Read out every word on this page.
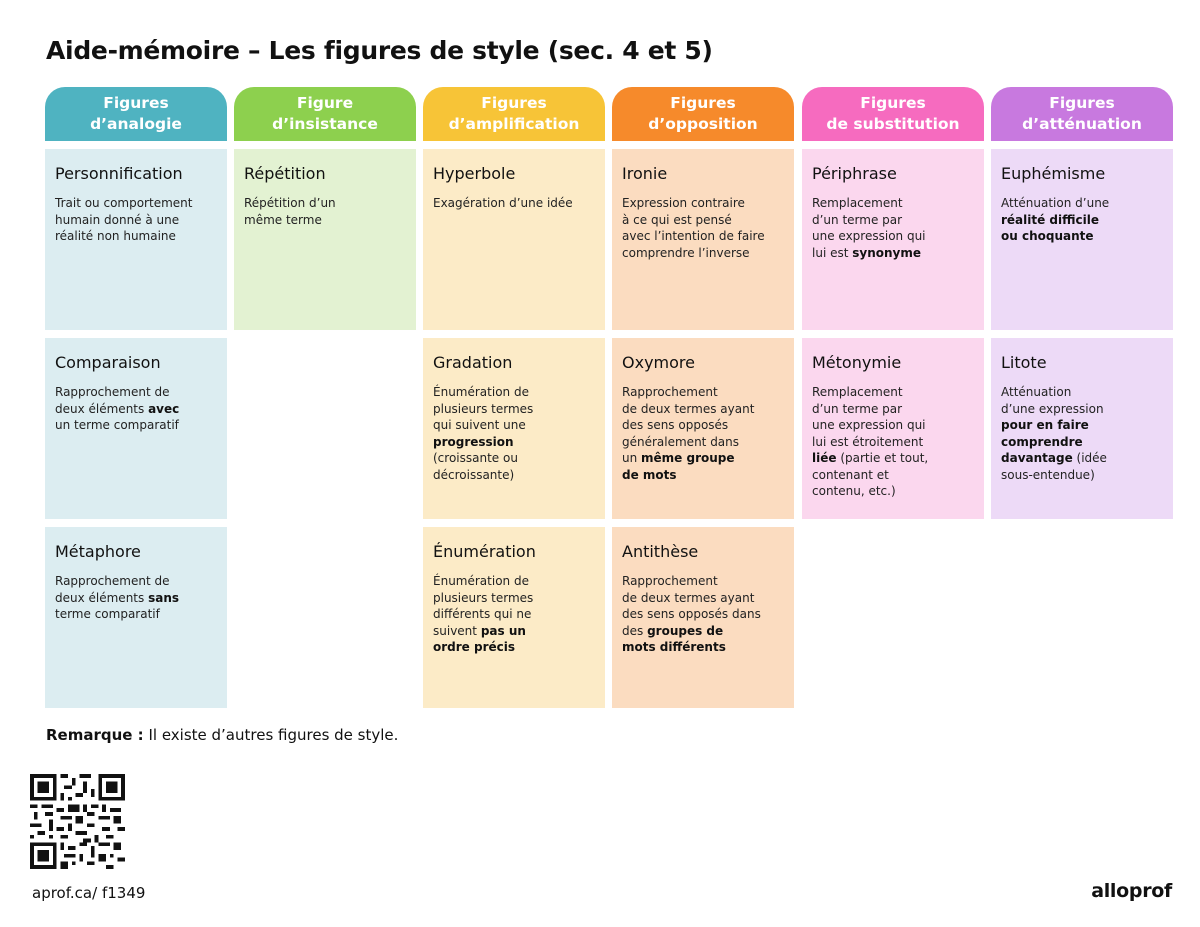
Aide-mémoire – Les figures de style (sec. 4 et 5)
Figures
d’analogie
Personnification
Trait ou comportement
humain donné à une
réalité non humaine
Comparaison
Rapprochement de
deux éléments avec
un terme comparatif
Métaphore
Rapprochement de
deux éléments sans
terme comparatif
Figure
d’insistance
Répétition
Répétition d’un
même terme
Figures
d’amplification
Hyperbole
Exagération d’une idée
Gradation
Énumération de
plusieurs termes
qui suivent une
progression
(croissante ou
décroissante)
Énumération
Énumération de
plusieurs termes
différents qui ne
suivent pas un
ordre précis
Figures
d’opposition
Ironie
Expression contraire
à ce qui est pensé
avec l’intention de faire
comprendre l’inverse
Oxymore
Rapprochement
de deux termes ayant
des sens opposés
généralement dans
un même groupe
de mots
Antithèse
Rapprochement
de deux termes ayant
des sens opposés dans
des groupes de
mots différents
Figures
de substitution
Périphrase
Remplacement
d’un terme par
une expression qui
lui est synonyme
Métonymie
Remplacement
d’un terme par
une expression qui
lui est étroitement
liée (partie et tout,
contenant et
contenu, etc.)
Figures
d’atténuation
Euphémisme
Atténuation d’une
réalité difficile
ou choquante
Litote
Atténuation
d’une expression
pour en faire
comprendre
davantage (idée
sous-entendue)
Remarque : Il existe d’autres figures de style.
aprof.ca/ f1349	alloprof
